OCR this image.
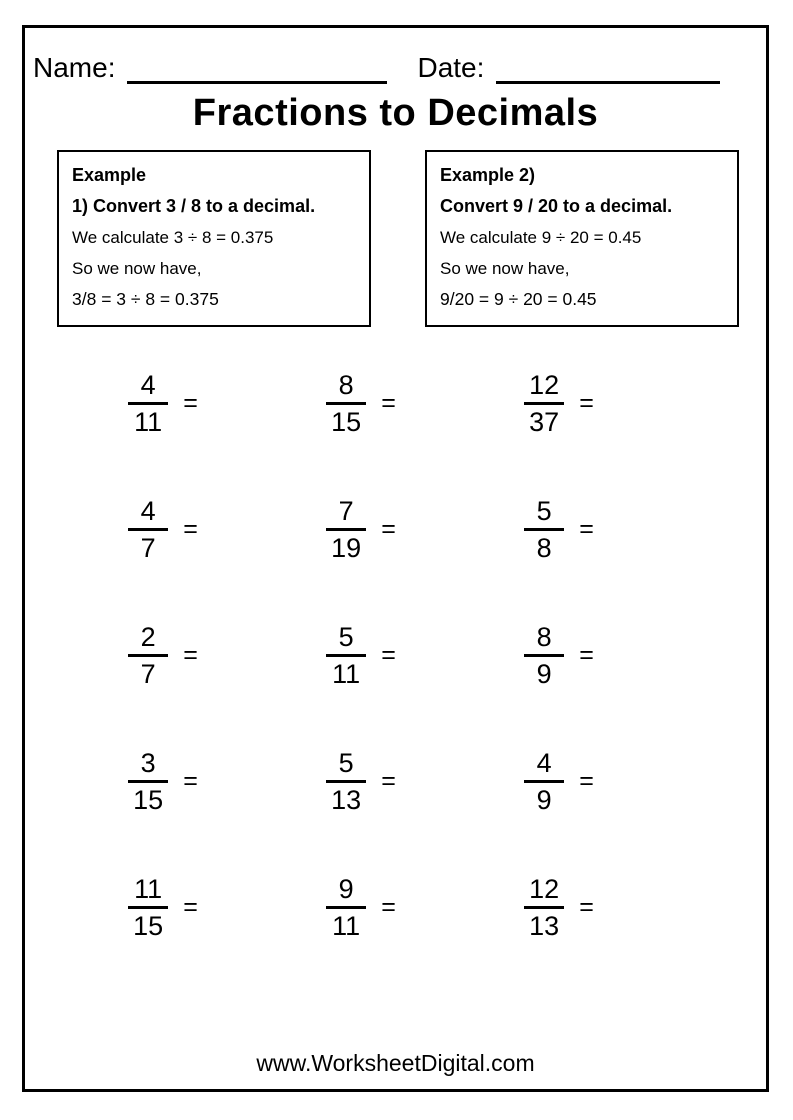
Name:	Date:
Fractions to Decimals

Example

1) Convert 3 / 8 to a decimal.

We calculate 3 ÷ 8 = 0.375

So we now have,

3/8 = 3 ÷ 8 = 0.375

Example 2)

Convert 9 / 20 to a decimal.

We calculate 9 ÷ 20 = 0.45

So we now have,

9/20 = 9 ÷ 20 = 0.45

$\frac{4}{11}$ =	$\frac{8}{15}$ =	$\frac{12}{37}$ =
$\frac{4}{7}$ =	$\frac{7}{19}$ =	$\frac{5}{8}$ =
$\frac{2}{7}$ =	$\frac{5}{11}$ =	$\frac{8}{9}$ =
$\frac{3}{15}$ =	$\frac{5}{13}$ =	$\frac{4}{9}$ =
$\frac{11}{15}$ =	$\frac{9}{11}$ =	$\frac{12}{13}$ =
www.WorksheetDigital.com
